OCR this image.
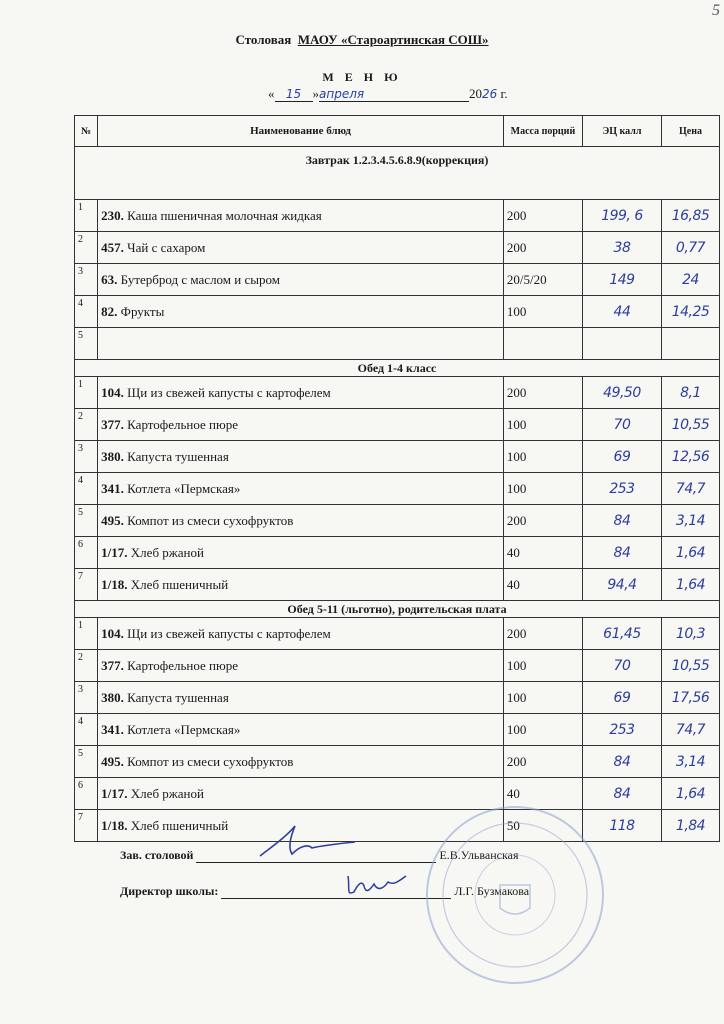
5
Столовая МАОУ «Староартинская СОШ»
М Е Н Ю
« 15 »апреля	2026 г.
№	Наименование блюд	Масса порций	ЭЦ калл	Цена
Завтрак 1.2.3.4.5.6.8.9(коррекция)				
1	230. Каша пшеничная молочная жидкая	200	199, 6	16,85
2	457. Чай с сахаром	200	38	0,77
3	63. Бутерброд с маслом и сыром	20/5/20	149	24
4	82. Фрукты	100	44	14,25
5				
Обед 1-4 класс				
1	104. Щи из свежей капусты с картофелем	200	49,50	8,1
2	377. Картофельное пюре	100	70	10,55
3	380. Капуста тушенная	100	69	12,56
4	341. Котлета «Пермская»	100	253	74,7
5	495. Компот из смеси сухофруктов	200	84	3,14
6	1/17. Хлеб ржаной	40	84	1,64
7	1/18. Хлеб пшеничный	40	94,4	1,64
Обед 5-11 (льготно), родительская плата				
1	104. Щи из свежей капусты с картофелем	200	61,45	10,3
2	377. Картофельное пюре	100	70	10,55
3	380. Капуста тушенная	100	69	17,56
4	341. Котлета «Пермская»	100	253	74,7
5	495. Компот из смеси сухофруктов	200	84	3,14
6	1/17. Хлеб ржаной	40	84	1,64
7	1/18. Хлеб пшеничный	50	118	1,84
Зав. столовой	Е.В.Ульванская
Директор школы:	Л.Г. Бузмакова
